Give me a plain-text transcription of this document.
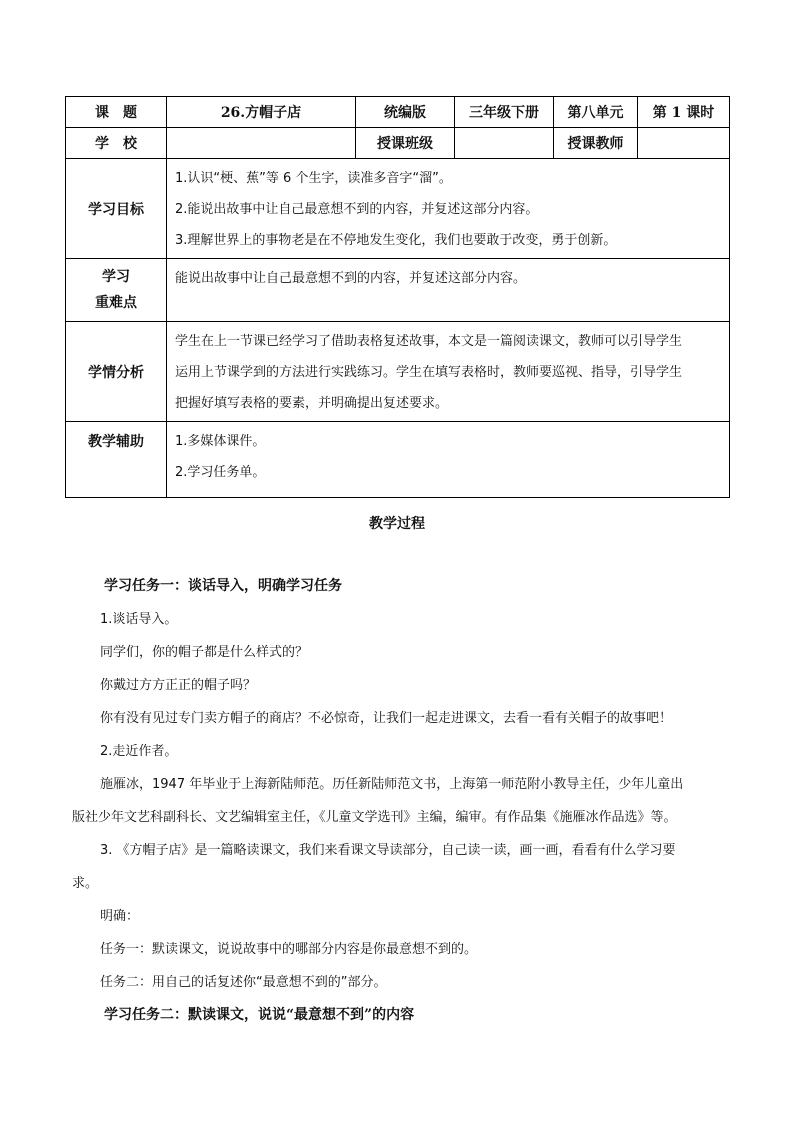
课　题	26.方帽子店	统编版	三年级下册	第八单元	第 1 课时
学　校		授课班级		授课教师	
学习目标	1.认识“梗、蕉”等 6 个生字，读准多音字“溜”。
2.能说出故事中让自己最意想不到的内容，并复述这部分内容。
3.理解世界上的事物老是在不停地发生变化，我们也要敢于改变，勇于创新。				

学习
重难点	能说出故事中让自己最意想不到的内容，并复述这部分内容。				

学情分析	学生在上一节课已经学习了借助表格复述故事，本文是一篇阅读课文，教师可以引导学生
运用上节课学到的方法进行实践练习。学生在填写表格时，教师要巡视、指导，引导学生
把握好填写表格的要素，并明确提出复述要求。				

教学辅助	1.多媒体课件。
2.学习任务单。				
教学过程
学习任务一：谈话导入，明确学习任务
1.谈话导入。
同学们，你的帽子都是什么样式的？
你戴过方方正正的帽子吗？
你有没有见过专门卖方帽子的商店？不必惊奇，让我们一起走进课文，去看一看有关帽子的故事吧！
2.走近作者。
施雁冰，1947 年毕业于上海新陆师范。历任新陆师范文书，上海第一师范附小教导主任，少年儿童出
版社少年文艺科副科长、文艺编辑室主任，《儿童文学选刊》主编，编审。有作品集《施雁冰作品选》等。
3. 《方帽子店》是一篇略读课文，我们来看课文导读部分，自己读一读，画一画，看看有什么学习要
求。
明确：
任务一：默读课文，说说故事中的哪部分内容是你最意想不到的。
任务二：用自己的话复述你“最意想不到的”部分。
学习任务二：默读课文，说说“最意想不到”的内容
